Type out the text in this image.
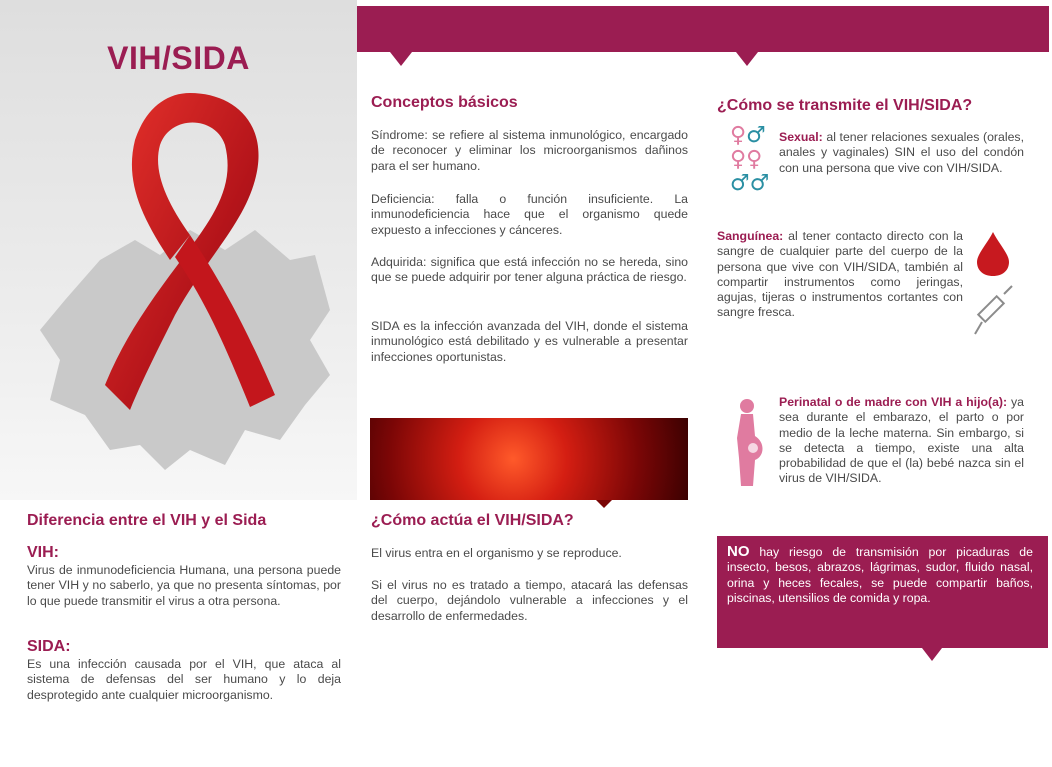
VIH/SIDA
Diferencia entre el VIH y el Sida
VIH:

Virus de inmunodeficiencia Humana, una persona puede tener VIH y no saberlo, ya que no presenta síntomas, por lo que puede transmitir el virus a otra persona.

SIDA:

Es una infección causada por el VIH, que ataca al sistema de defensas del ser humano y lo deja desprotegido ante cualquier microorganismo.

Conceptos básicos

Síndrome: se refiere al sistema inmunológico, encargado de reconocer y eliminar los microorganismos dañinos para el ser humano.

Deficiencia: falla o función insuficiente. La inmunodeficiencia hace que el organismo quede expuesto a infecciones y cánceres.

Adquirida: significa que está infección no se hereda, sino que se puede adquirir por tener alguna práctica de riesgo.

SIDA es la infección avanzada del VIH, donde el sistema inmunológico está debilitado y es vulnerable a presentar infecciones oportunistas.

¿Cómo actúa el VIH/SIDA?

El virus entra en el organismo y se reproduce.

Si el virus no es tratado a tiempo, atacará las defensas del cuerpo, dejándolo vulnerable a infecciones y el desarrollo de enfermedades.

¿Cómo se transmite el VIH/SIDA?
♀♂
♀♀
♂♂

Sexual: al tener relaciones sexuales (orales, anales y vaginales) SIN el uso del condón con una persona que vive con VIH/SIDA.

Sanguínea: al tener contacto directo con la sangre de cualquier parte del cuerpo de la persona que vive con VIH/SIDA, también al compartir instrumentos como jeringas, agujas, tijeras o instrumentos cortantes con sangre fresca.

Perinatal o de madre con VIH a hijo(a): ya sea durante el embarazo, el parto o por medio de la leche materna. Sin embargo, si se detecta a tiempo, existe una alta probabilidad de que el (la) bebé nazca sin el virus de VIH/SIDA.

NO hay riesgo de transmisión por picaduras de insecto, besos, abrazos, lágrimas, sudor, fluido nasal, orina y heces fecales, se puede compartir baños, piscinas, utensilios de comida y ropa.
